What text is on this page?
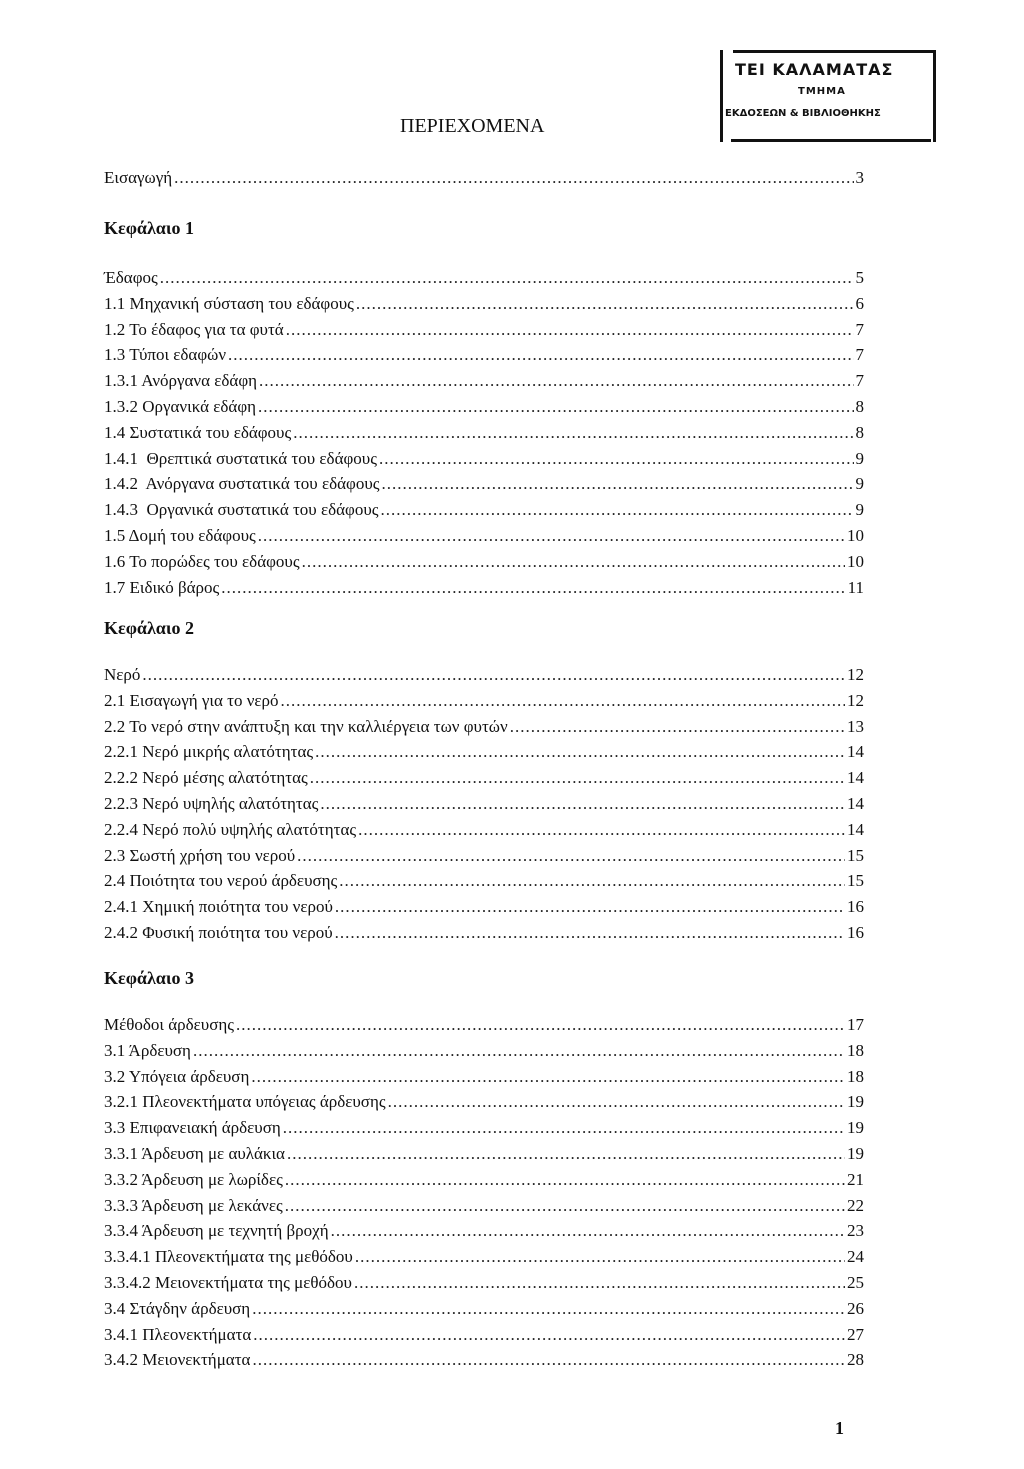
ΤΕΙ ΚΑΛΑΜΑΤΑΣ
ΤΜΗΜΑ
ΕΚΔΟΣΕΩΝ & ΒΙΒΛΙΟΘΗΚΗΣ
ΠΕΡΙΕΧΟΜΕΝΑ
Εισαγωγή .....	3
Κεφάλαιο 1
Έδαφος .....	5
1.1 Μηχανική σύσταση του εδάφους .....	6
1.2 Το έδαφος για τα φυτά .....	7
1.3 Τύποι εδαφών .....	7
1.3.1 Ανόργανα εδάφη .....	7
1.3.2 Οργανικά εδάφη .....	8
1.4 Συστατικά του εδάφους .....	8
1.4.1  Θρεπτικά συστατικά του εδάφους .....	9
1.4.2  Ανόργανα συστατικά του εδάφους .....	9
1.4.3  Οργανικά συστατικά του εδάφους .....	9
1.5 Δομή του εδάφους .....	10
1.6 Το πορώδες του εδάφους .....	10
1.7 Ειδικό βάρος .....	11
Κεφάλαιο 2
Νερό .....	12
2.1 Εισαγωγή για το νερό .....	12
2.2 Το νερό στην ανάπτυξη και την καλλιέργεια των φυτών .....	13
2.2.1 Νερό μικρής αλατότητας .....	14
2.2.2 Νερό μέσης αλατότητας .....	14
2.2.3 Νερό υψηλής αλατότητας .....	14
2.2.4 Νερό πολύ υψηλής αλατότητας .....	14
2.3 Σωστή χρήση του νερού .....	15
2.4 Ποιότητα του νερού άρδευσης .....	15
2.4.1 Χημική ποιότητα του νερού .....	16
2.4.2 Φυσική ποιότητα του νερού .....	16
Κεφάλαιο 3
Μέθοδοι άρδευσης .....	17
3.1 Άρδευση .....	18
3.2 Υπόγεια άρδευση .....	18
3.2.1 Πλεονεκτήματα υπόγειας άρδευσης .....	19
3.3 Επιφανειακή άρδευση .....	19
3.3.1 Άρδευση με αυλάκια .....	19
3.3.2 Άρδευση με λωρίδες .....	21
3.3.3 Άρδευση με λεκάνες .....	22
3.3.4 Άρδευση με τεχνητή βροχή .....	23
3.3.4.1 Πλεονεκτήματα της μεθόδου .....	24
3.3.4.2 Μειονεκτήματα της μεθόδου .....	25
3.4 Στάγδην άρδευση .....	26
3.4.1 Πλεονεκτήματα .....	27
3.4.2 Μειονεκτήματα .....	28
1
